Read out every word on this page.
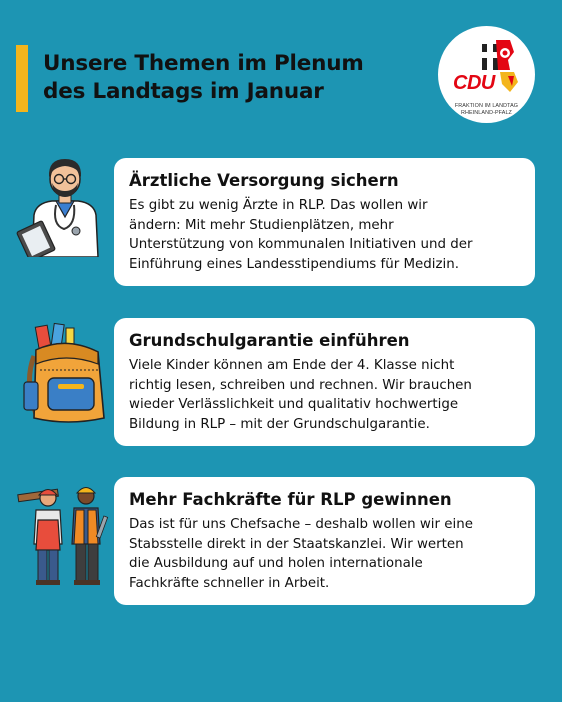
Unsere Themen im Plenum
des Landtags im Januar	CDU
FRAKTION IM LANDTAG
RHEINLAND-PFALZ
Ärztliche Versorgung sichern

Es gibt zu wenig Ärzte in RLP. Das wollen wir
ändern: Mit mehr Studienplätzen, mehr
Unterstützung von kommunalen Initiativen und der
Einführung eines Landesstipendiums für Medizin.

Grundschulgarantie einführen

Viele Kinder können am Ende der 4. Klasse nicht
richtig lesen, schreiben und rechnen. Wir brauchen
wieder Verlässlichkeit und qualitativ hochwertige
Bildung in RLP – mit der Grundschulgarantie.

Mehr Fachkräfte für RLP gewinnen

Das ist für uns Chefsache – deshalb wollen wir eine
Stabsstelle direkt in der Staatskanzlei. Wir werten
die Ausbildung auf und holen internationale
Fachkräfte schneller in Arbeit.
